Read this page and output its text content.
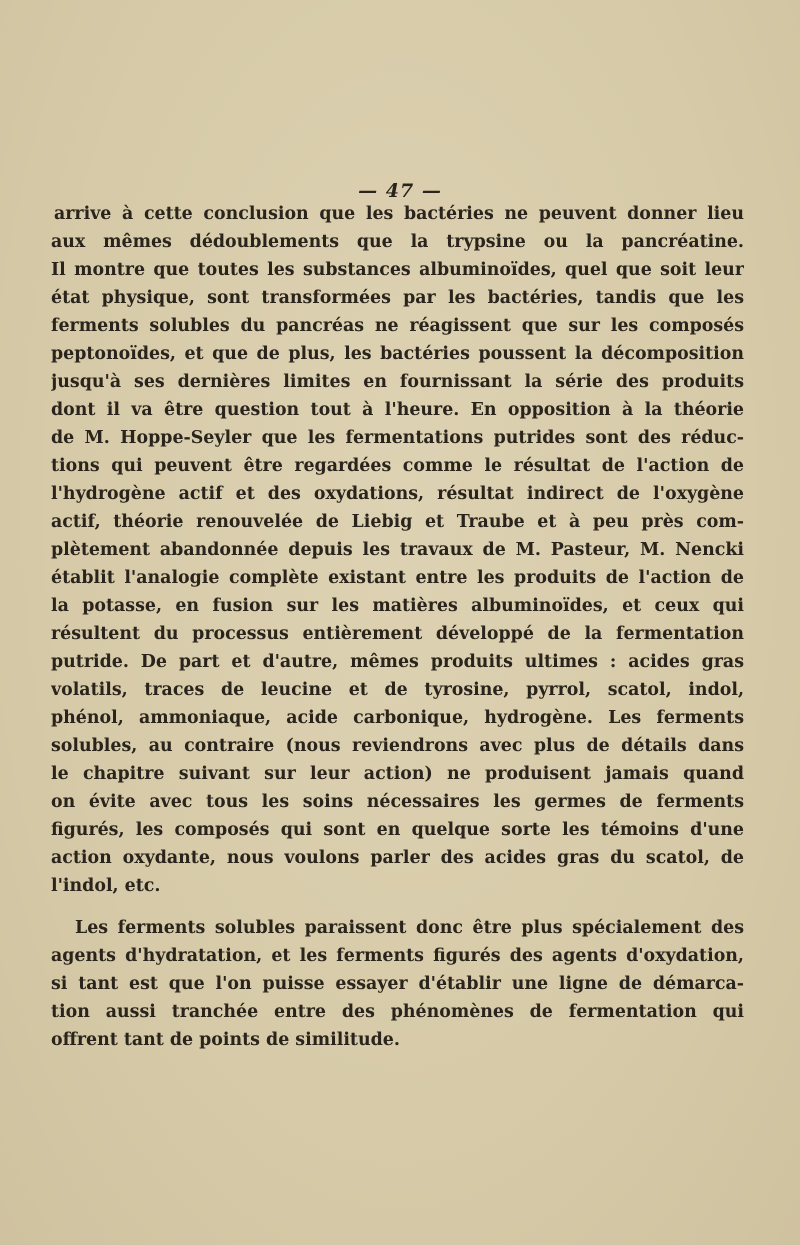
— 47 —
arrive à cette conclusion que les bactéries ne peuvent donner lieu
aux mêmes dédoublements que la trypsine ou la pancréatine.
Il montre que toutes les substances albuminoïdes, quel que soit leur
état physique, sont transformées par les bactéries, tandis que les
ferments solubles du pancréas ne réagissent que sur les composés
peptonoïdes, et que de plus, les bactéries poussent la décomposition
jusqu'à ses dernières limites en fournissant la série des produits
dont il va être question tout à l'heure. En opposition à la théorie
de M. Hoppe-Seyler que les fermentations putrides sont des réduc-
tions qui peuvent être regardées comme le résultat de l'action de
l'hydrogène actif et des oxydations, résultat indirect de l'oxygène
actif, théorie renouvelée de Liebig et Traube et à peu près com-
plètement abandonnée depuis les travaux de M. Pasteur, M. Nencki
établit l'analogie complète existant entre les produits de l'action de
la potasse, en fusion sur les matières albuminoïdes, et ceux qui
résultent du processus entièrement développé de la fermentation
putride. De part et d'autre, mêmes produits ultimes : acides gras
volatils, traces de leucine et de tyrosine, pyrrol, scatol, indol,
phénol, ammoniaque, acide carbonique, hydrogène. Les ferments
solubles, au contraire (nous reviendrons avec plus de détails dans
le chapitre suivant sur leur action) ne produisent jamais quand
on évite avec tous les soins nécessaires les germes de ferments
figurés, les composés qui sont en quelque sorte les témoins d'une
action oxydante, nous voulons parler des acides gras du scatol, de
l'indol, etc.
Les ferments solubles paraissent donc être plus spécialement des
agents d'hydratation, et les ferments figurés des agents d'oxydation,
si tant est que l'on puisse essayer d'établir une ligne de démarca-
tion aussi tranchée entre des phénomènes de fermentation qui
offrent tant de points de similitude.
